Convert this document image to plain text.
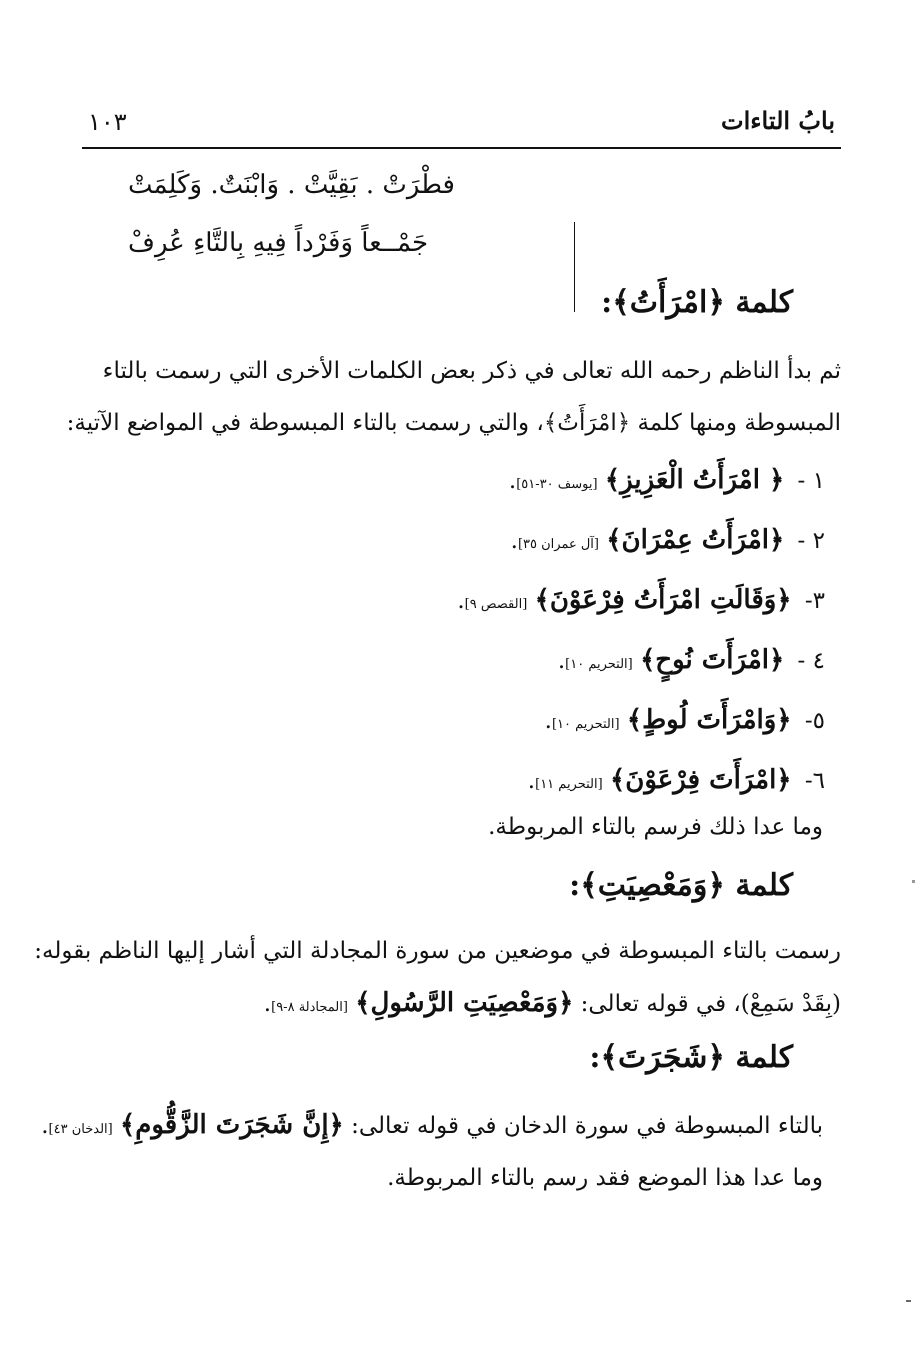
١٠٣	بابُ التاءات
فطْرَتْ . بَقِيَّتْ . وَابْنَتٌ. وَكَلِمَتْ
جَمْــعاً وَفَرْداً فِيهِ بِالتَّاءِ عُرِفْ
كلمة ﴿امْرَأَتُ﴾:
ثم بدأ الناظم رحمه الله تعالى في ذكر بعض الكلمات الأخرى التي رسمت بالتاء
المبسوطة ومنها كلمة ﴿امْرَأَتُ﴾، والتي رسمت بالتاء المبسوطة في المواضع الآتية:
١ - ﴿ امْرَأَتُ الْعَزِيزِ﴾ [يوسف ٣٠-٥١].
٢ - ﴿امْرَأَتُ عِمْرَانَ﴾ [آل عمران ٣٥].
٣- ﴿وَقَالَتِ امْرَأَتُ فِرْعَوْنَ﴾ [القصص ٩].
٤ - ﴿امْرَأَتَ نُوحٍ﴾ [التحريم ١٠].
٥- ﴿وَامْرَأَتَ لُوطٍ﴾ [التحريم ١٠].
٦- ﴿امْرَأَتَ فِرْعَوْنَ﴾ [التحريم ١١].
وما عدا ذلك فرسم بالتاء المربوطة.
كلمة ﴿وَمَعْصِيَتِ﴾:
رسمت بالتاء المبسوطة في موضعين من سورة المجادلة التي أشار إليها الناظم بقوله:
(بِقَدْ سَمِعْ)، في قوله تعالى: ﴿وَمَعْصِيَتِ الرَّسُولِ﴾ [المجادلة ٨-٩].
كلمة ﴿شَجَرَتَ﴾:
بالتاء المبسوطة في سورة الدخان في قوله تعالى: ﴿إِنَّ شَجَرَتَ الزَّقُّومِ﴾ [الدخان ٤٣].
وما عدا هذا الموضع فقد رسم بالتاء المربوطة.
